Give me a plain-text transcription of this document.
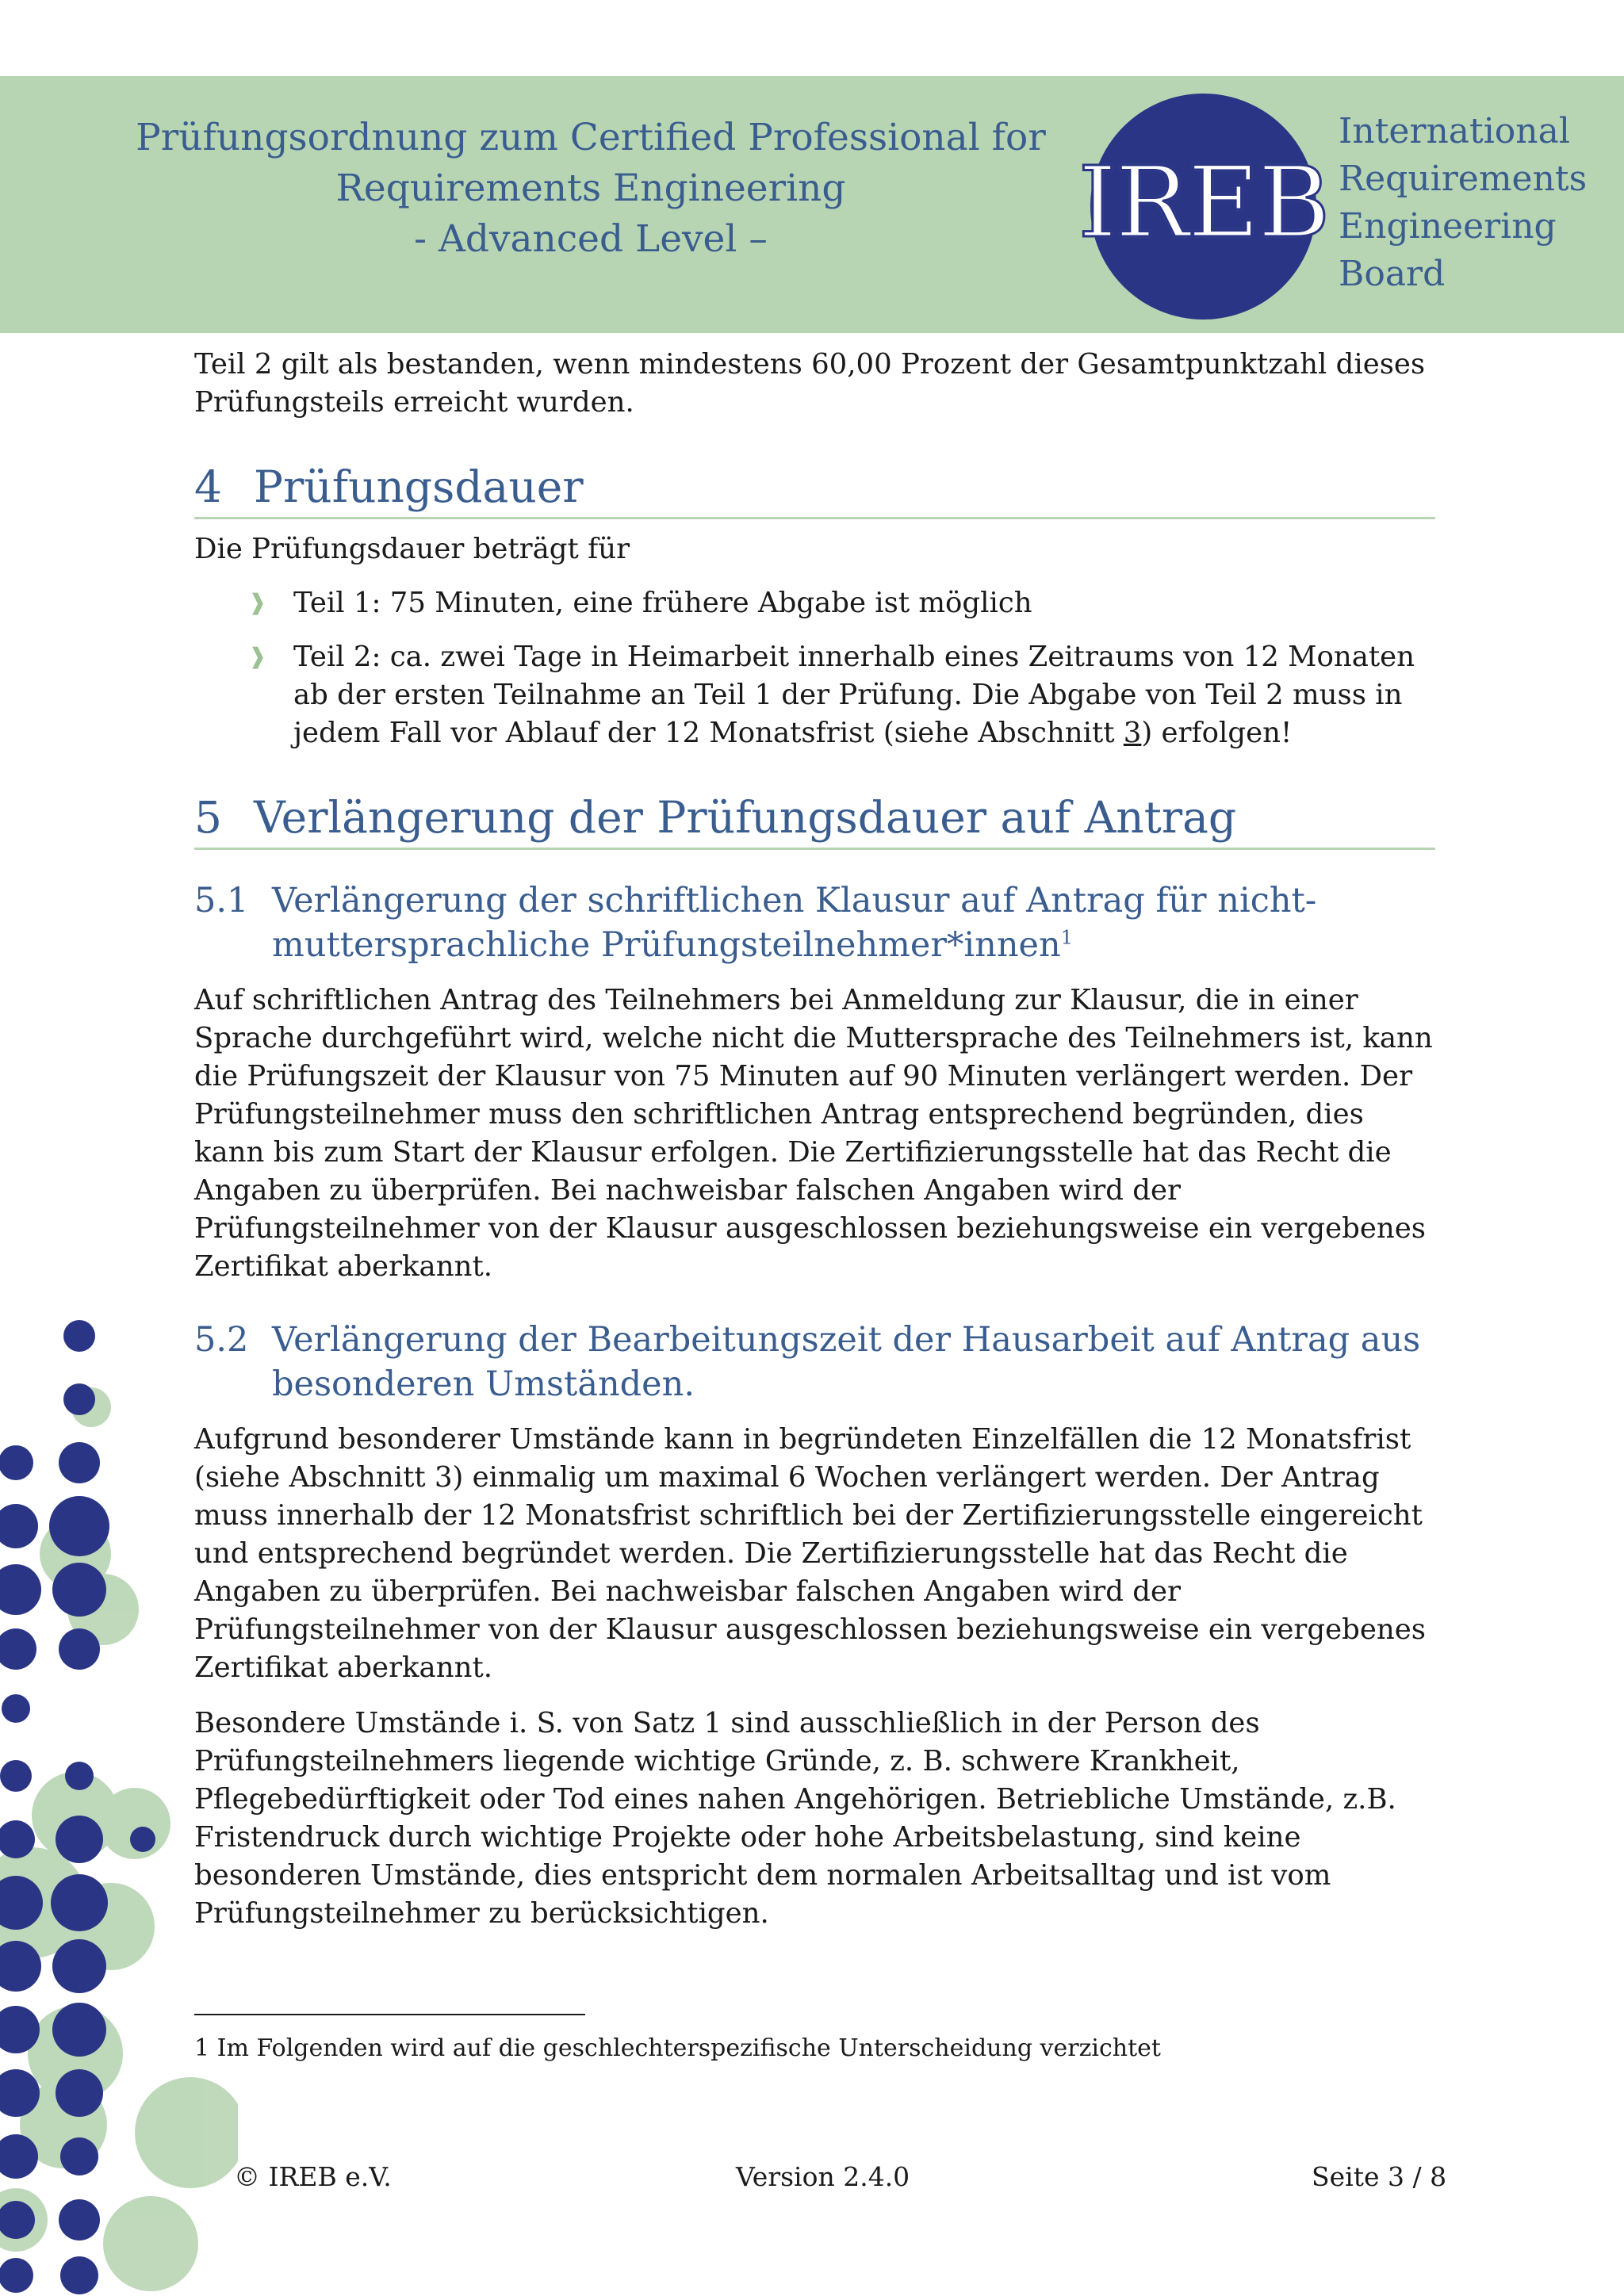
Prüfungsordnung zum Certified Professional for
Requirements Engineering
- Advanced Level –	IREB
International
Requirements
Engineering
Board

Teil 2 gilt als bestanden, wenn mindestens 60,00 Prozent der Gesamtpunktzahl dieses Prüfungsteils erreicht wurden.

4 Prüfungsdauer

Die Prüfungsdauer beträgt für

❱ Teil 1: 75 Minuten, eine frühere Abgabe ist möglich
❱ Teil 2: ca. zwei Tage in Heimarbeit innerhalb eines Zeitraums von 12 Monaten ab der ersten Teilnahme an Teil 1 der Prüfung. Die Abgabe von Teil 2 muss in jedem Fall vor Ablauf der 12 Monatsfrist (siehe Abschnitt 3) erfolgen!
5 Verlängerung der Prüfungsdauer auf Antrag
5.1 Verlängerung der schriftlichen Klausur auf Antrag für nicht-
muttersprachliche Prüfungsteilnehmer*innen$^1$

Auf schriftlichen Antrag des Teilnehmers bei Anmeldung zur Klausur, die in einer Sprache durchgeführt wird, welche nicht die Muttersprache des Teilnehmers ist, kann die Prüfungszeit der Klausur von 75 Minuten auf 90 Minuten verlängert werden. Der Prüfungsteilnehmer muss den schriftlichen Antrag entsprechend begründen, dies kann bis zum Start der Klausur erfolgen. Die Zertifizierungsstelle hat das Recht die Angaben zu überprüfen. Bei nachweisbar falschen Angaben wird der Prüfungsteilnehmer von der Klausur ausgeschlossen beziehungsweise ein vergebenes Zertifikat aberkannt.

5.2 Verlängerung der Bearbeitungszeit der Hausarbeit auf Antrag aus
besonderen Umständen.

Aufgrund besonderer Umstände kann in begründeten Einzelfällen die 12 Monatsfrist (siehe Abschnitt 3) einmalig um maximal 6 Wochen verlängert werden. Der Antrag muss innerhalb der 12 Monatsfrist schriftlich bei der Zertifizierungsstelle eingereicht und entsprechend begründet werden. Die Zertifizierungsstelle hat das Recht die Angaben zu überprüfen. Bei nachweisbar falschen Angaben wird der Prüfungsteilnehmer von der Klausur ausgeschlossen beziehungsweise ein vergebenes Zertifikat aberkannt.

Besondere Umstände i. S. von Satz 1 sind ausschließlich in der Person des Prüfungsteilnehmers liegende wichtige Gründe, z. B. schwere Krankheit, Pflegebedürftigkeit oder Tod eines nahen Angehörigen. Betriebliche Umstände, z.B. Fristendruck durch wichtige Projekte oder hohe Arbeitsbelastung, sind keine besonderen Umstände, dies entspricht dem normalen Arbeitsalltag und ist vom Prüfungsteilnehmer zu berücksichtigen.

1 Im Folgenden wird auf die geschlechterspezifische Unterscheidung verzichtet
© IREB e.V.	Version 2.4.0	Seite 3 / 8
